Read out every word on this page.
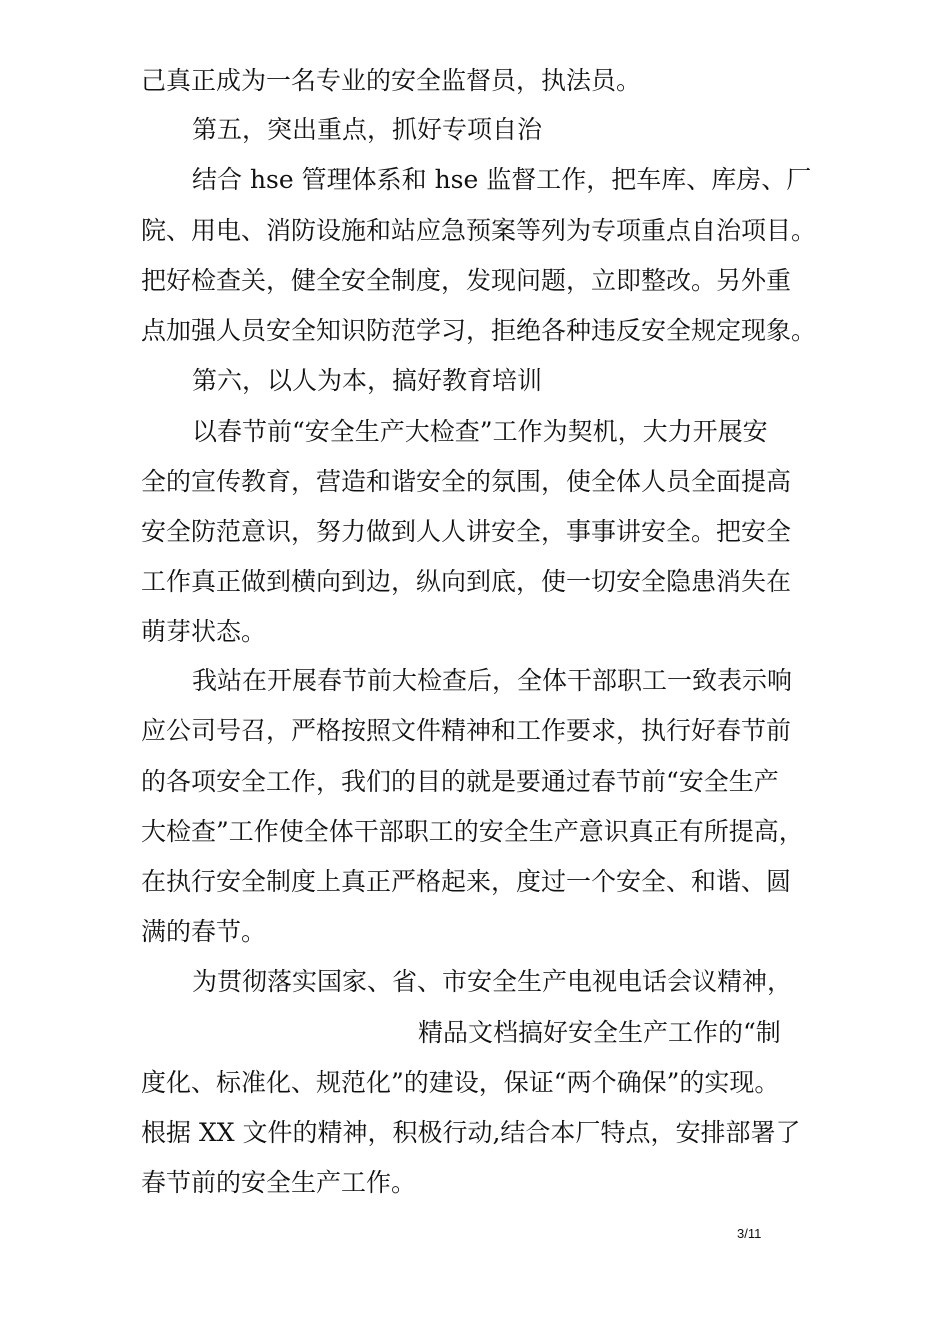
己真正成为一名专业的安全监督员，执法员。
第五，突出重点，抓好专项自治
结合 hse 管理体系和 hse 监督工作，把车库、库房、厂
院、用电、消防设施和站应急预案等列为专项重点自治项目。
把好检查关，健全安全制度，发现问题，立即整改。另外重
点加强人员安全知识防范学习，拒绝各种违反安全规定现象。
第六，以人为本，搞好教育培训
以春节前“安全生产大检查”工作为契机，大力开展安
全的宣传教育，营造和谐安全的氛围，使全体人员全面提高
安全防范意识，努力做到人人讲安全，事事讲安全。把安全
工作真正做到横向到边，纵向到底，使一切安全隐患消失在
萌芽状态。
我站在开展春节前大检查后，全体干部职工一致表示响
应公司号召，严格按照文件精神和工作要求，执行好春节前
的各项安全工作，我们的目的就是要通过春节前“安全生产
大检查”工作使全体干部职工的安全生产意识真正有所提高，
在执行安全制度上真正严格起来，度过一个安全、和谐、圆
满的春节。
为贯彻落实国家、省、市安全生产电视电话会议精神，
精品文档搞好安全生产工作的“制
度化、标准化、规范化”的建设，保证“两个确保”的实现。
根据 XX 文件的精神，积极行动,结合本厂特点，安排部署了
春节前的安全生产工作。
3/11
